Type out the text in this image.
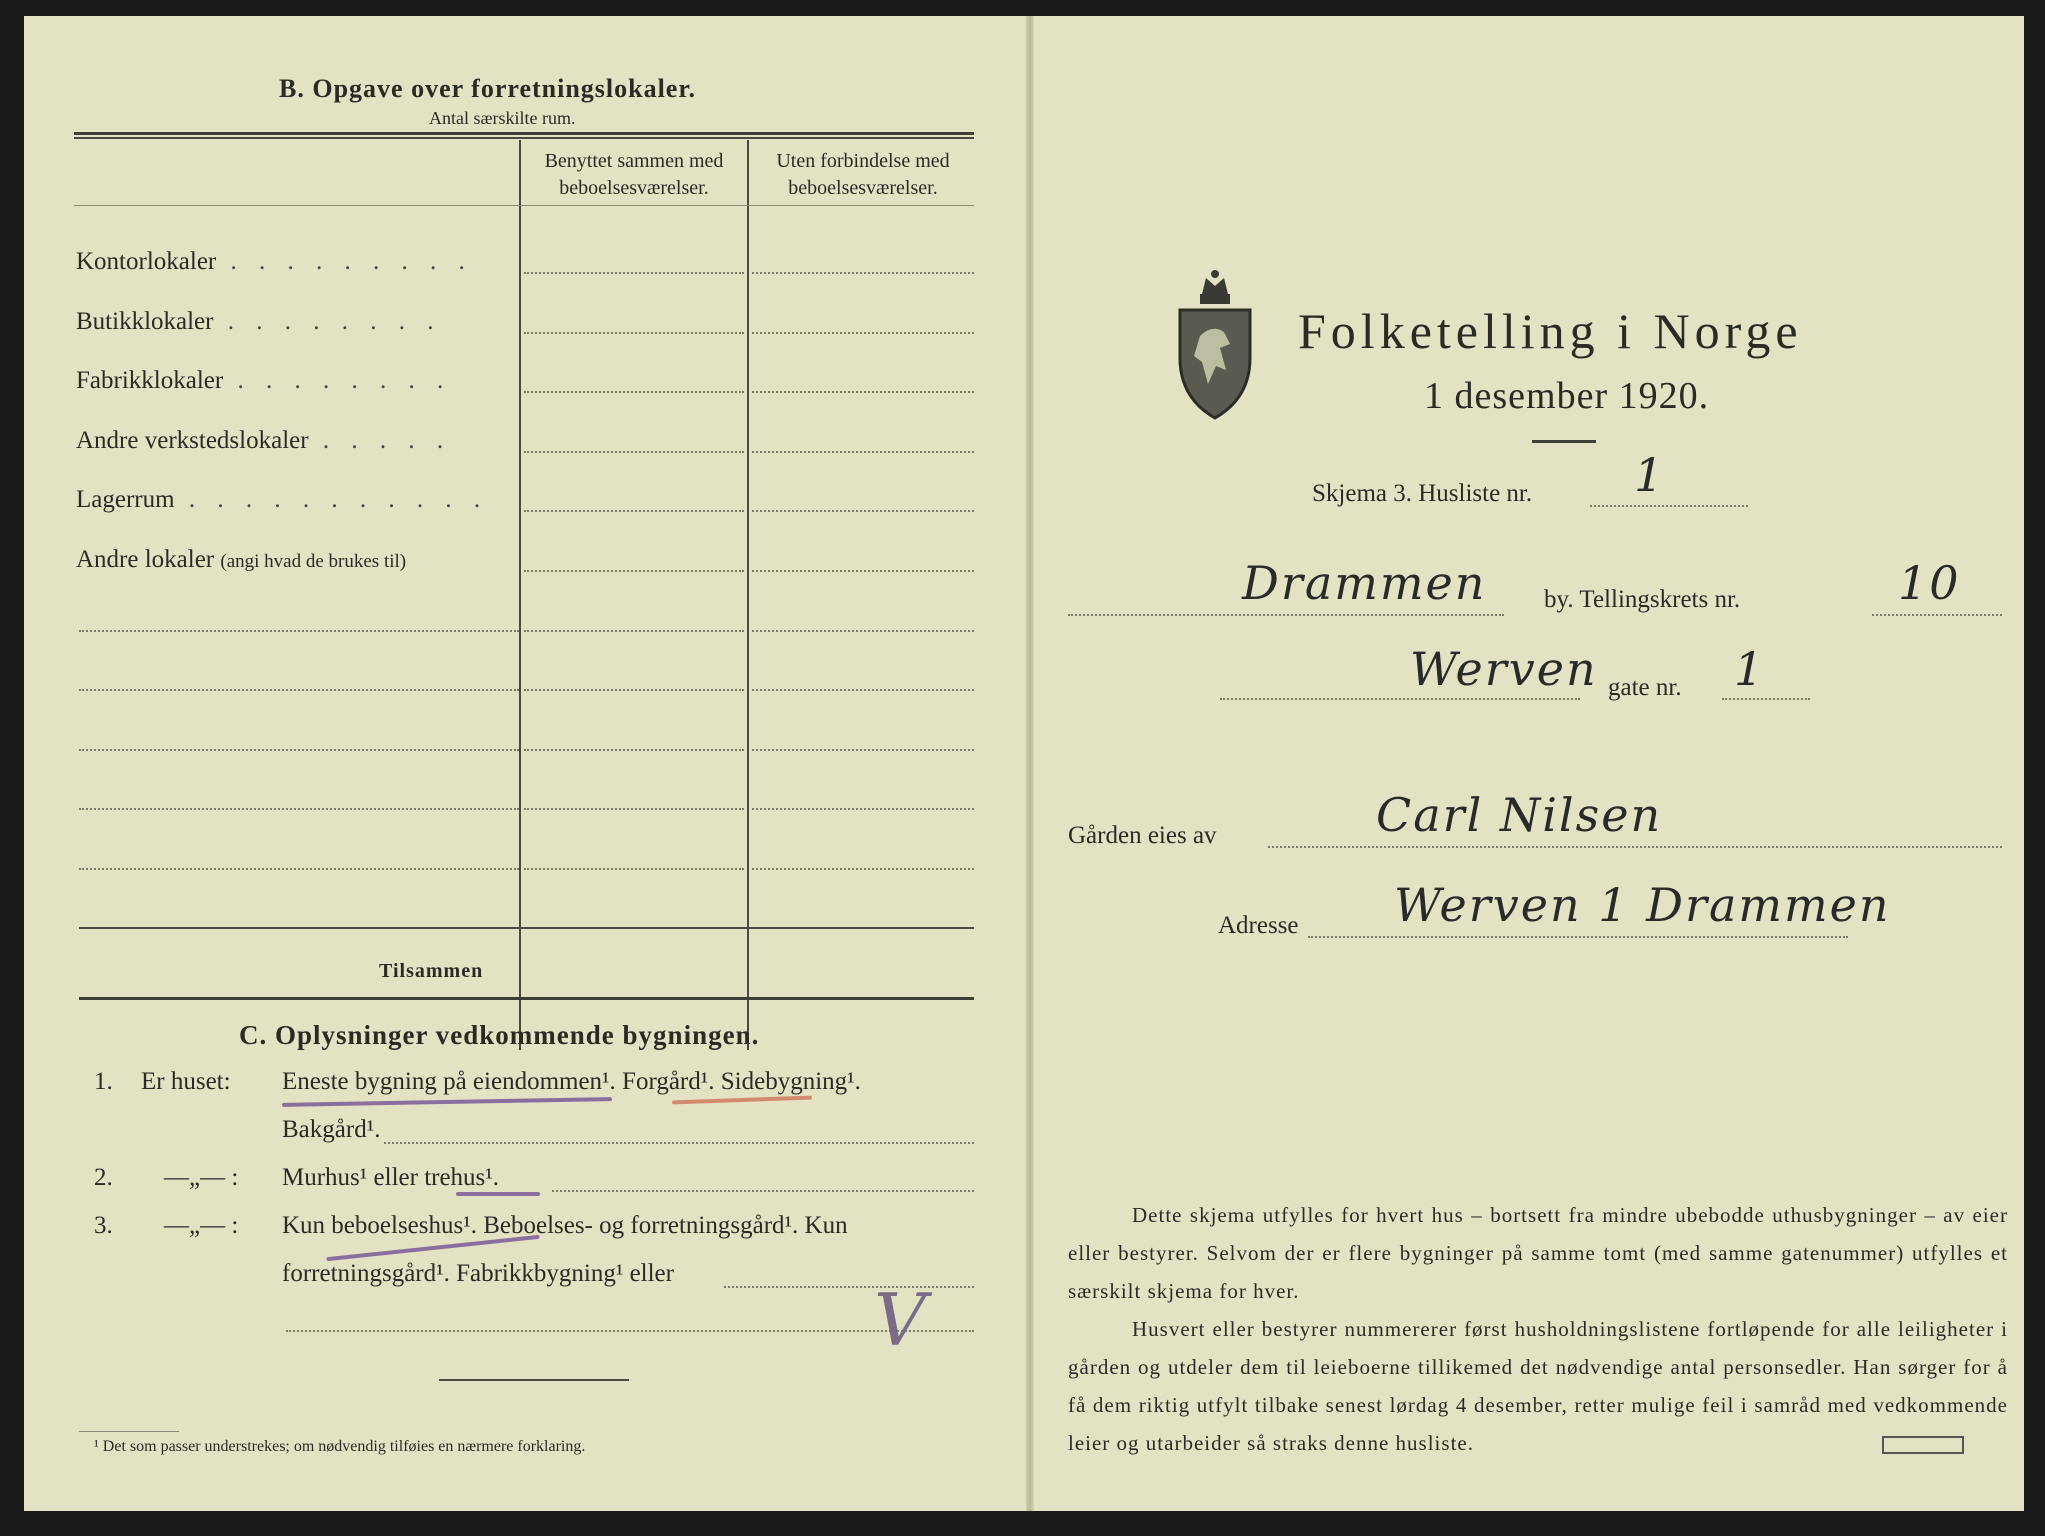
B. Opgave over forretningslokaler.
Antal særskilte rum.
Benyttet sammen med beboelsesværelser.
Uten forbindelse med beboelsesværelser.
Kontorlokaler . . . . . . . . .
Butikklokaler . . . . . . . .
Fabrikklokaler . . . . . . . .
Andre verkstedslokaler . . . . .
Lagerrum . . . . . . . . . . .
Andre lokaler (angi hvad de brukes til)
Tilsammen
C. Oplysninger vedkommende bygningen.
1. Er huset: Eneste bygning på eiendommen¹. Forgård¹. Sidebygning¹.
Bakgård¹.
2. —„— : Murhus¹ eller trehus¹.
3. —„— : Kun beboelseshus¹. Beboelses- og forretningsgård¹. Kun
forretningsgård¹. Fabrikkbygning¹ eller
V
¹ Det som passer understrekes; om nødvendig tilføies en nærmere forklaring.
Folketelling i Norge
1 desember 1920.
Skjema 3. Husliste nr. 1
Drammen by. Tellingskrets nr.	10
Werven gate nr. 1
Gården eies av	Carl Nilsen
Adresse Werven 1 Drammen
Dette skjema utfylles for hvert hus – bortsett fra mindre ubebodde uthusbygninger – av eier eller bestyrer. Selvom der er flere bygninger på samme tomt (med samme gatenummer) utfylles et særskilt skjema for hver.
Husvert eller bestyrer nummererer først husholdningslistene fortløpende for alle leiligheter i gården og utdeler dem til leieboerne tillikemed det nødvendige antal personsedler. Han sørger for å få dem riktig utfylt tilbake senest lørdag 4 desember, retter mulige feil i samråd med vedkommende leier og utarbeider så straks denne husliste.
